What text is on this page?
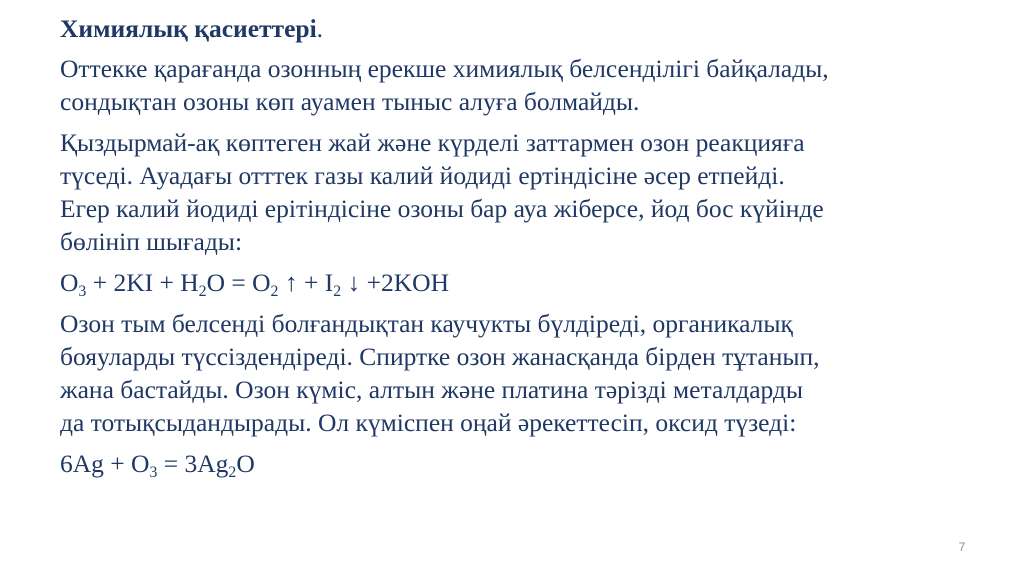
Химиялық қасиеттері.
Оттекке қарағанда озонның ерекше химиялық белсенділігі байқалады,
сондықтан озоны көп ауамен тыныс алуға болмайды.
Қыздырмай-ақ көптеген жай және күрделі заттармен озон реакцияға
түседі. Ауадағы отттек газы калий йодиді ертіндісіне әсер етпейді.
Егер калий йодиді ерітіндісіне озоны бар ауа жіберсе, йод бос күйінде
бөлініп шығады:
$O_3 + 2KI + H_2O = O_2$ ↑ + $I_2$ ↓ +2KOH
Озон тым белсенді болғандықтан каучукты бүлдіреді, органикалық
бояуларды түссіздендіреді. Спиртке озон жанасқанда бірден тұтанып,
жана бастайды. Озон күміс, алтын және платина тәрізді металдарды
да тотықсыдандырады. Ол күміспен оңай әрекеттесіп, оксид түзеді:
$6Ag + O_3 = 3Ag_2O$
7
